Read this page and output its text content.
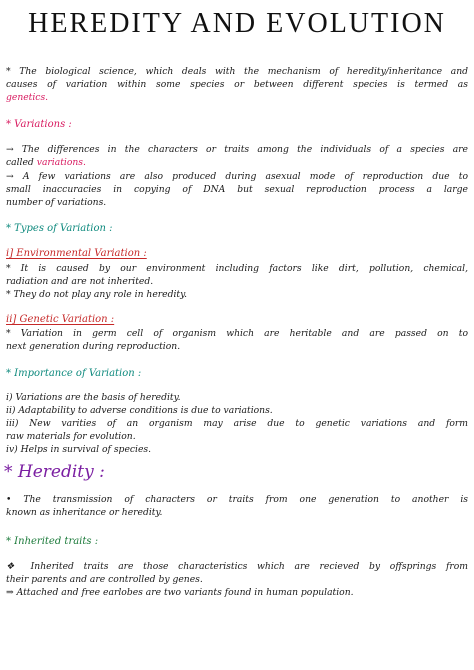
HEREDITY AND EVOLUTION
* The biological science, which deals with the mechanism of heredity/inheritance and
causes of variation within some species or between different species is termed as
genetics.
* Variations :
→ The differences in the characters or traits among the individuals of a species are
called variations.
→ A few variations are also produced during asexual mode of reproduction due to
small inaccuracies in copying of DNA but sexual reproduction process a large
number of variations.
* Types of Variation :
i] Environmental Variation :
* It is caused by our environment including factors like dirt, pollution, chemical,
radiation and are not inherited.
* They do not play any role in heredity.
ii] Genetic Variation :
* Variation in germ cell of organism which are heritable and are passed on to
next generation during reproduction.
* Importance of Variation :
i) Variations are the basis of heredity.
ii) Adaptability to adverse conditions is due to variations.
iii) New varities of an organism may arise due to genetic variations and form
raw materials for evolution.
iv) Helps in survival of species.
* Heredity :
• The transmission of characters or traits from one generation to another is
known as inheritance or heredity.
* Inherited traits :
❖ Inherited traits are those characteristics which are recieved by offsprings from
their parents and are controlled by genes.
⇒ Attached and free earlobes are two variants found in human population.
